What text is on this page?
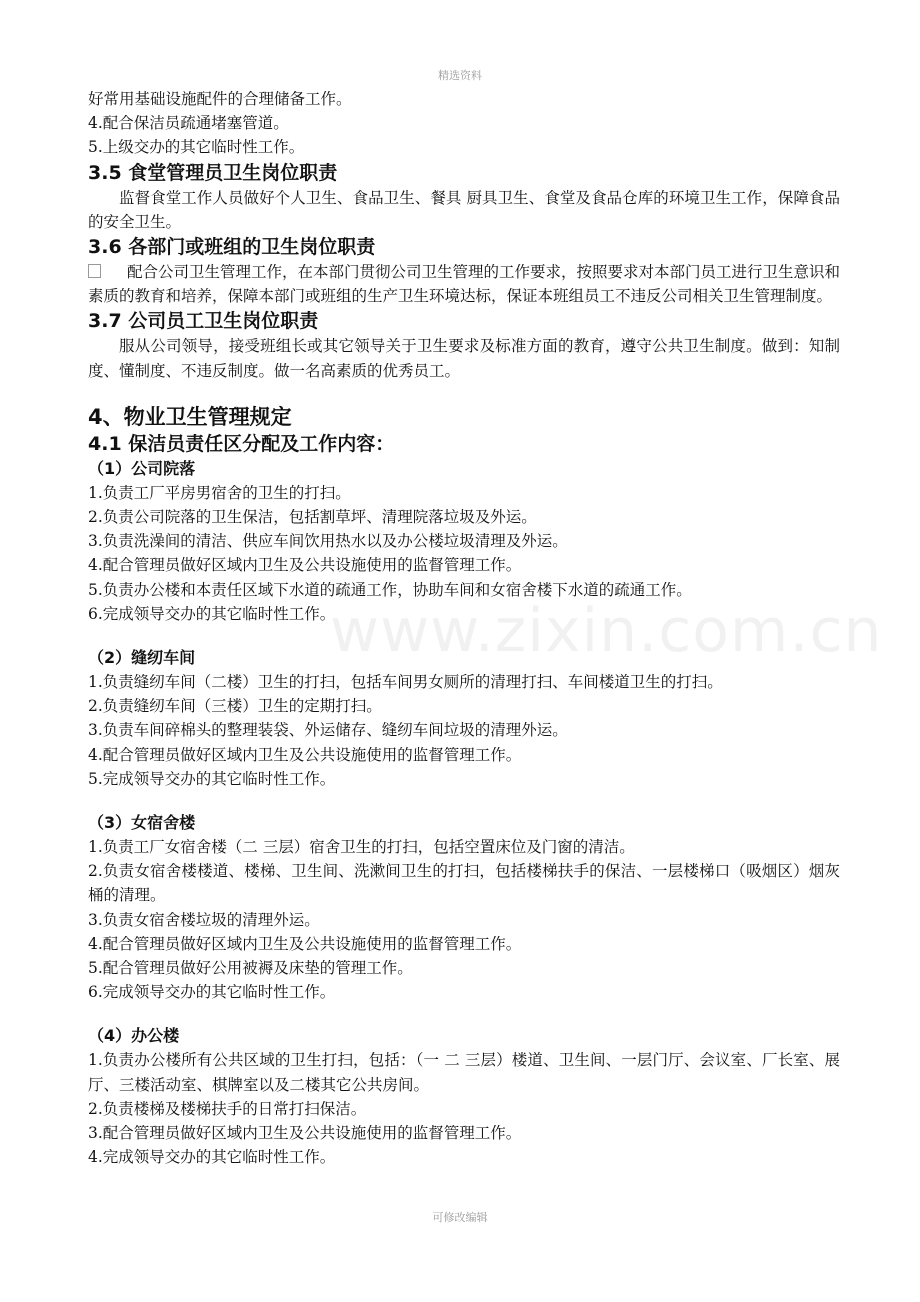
精选资料
www.zixin.com.cn
好常用基础设施配件的合理储备工作。
4.配合保洁员疏通堵塞管道。
5.上级交办的其它临时性工作。
3.5 食堂管理员卫生岗位职责
监督食堂工作人员做好个人卫生、食品卫生、餐具 厨具卫生、食堂及食品仓库的环境卫生工作，保障食品的安全卫生。
3.6 各部门或班组的卫生岗位职责
配合公司卫生管理工作，在本部门贯彻公司卫生管理的工作要求，按照要求对本部门员工进行卫生意识和素质的教育和培养，保障本部门或班组的生产卫生环境达标，保证本班组员工不违反公司相关卫生管理制度。
3.7 公司员工卫生岗位职责
服从公司领导，接受班组长或其它领导关于卫生要求及标准方面的教育，遵守公共卫生制度。做到：知制度、懂制度、不违反制度。做一名高素质的优秀员工。
4、物业卫生管理规定
4.1 保洁员责任区分配及工作内容：
（1）公司院落
1.负责工厂平房男宿舍的卫生的打扫。
2.负责公司院落的卫生保洁，包括割草坪、清理院落垃圾及外运。
3.负责洗澡间的清洁、供应车间饮用热水以及办公楼垃圾清理及外运。
4.配合管理员做好区域内卫生及公共设施使用的监督管理工作。
5.负责办公楼和本责任区域下水道的疏通工作，协助车间和女宿舍楼下水道的疏通工作。
6.完成领导交办的其它临时性工作。
（2）缝纫车间
1.负责缝纫车间（二楼）卫生的打扫，包括车间男女厕所的清理打扫、车间楼道卫生的打扫。
2.负责缝纫车间（三楼）卫生的定期打扫。
3.负责车间碎棉头的整理装袋、外运储存、缝纫车间垃圾的清理外运。
4.配合管理员做好区域内卫生及公共设施使用的监督管理工作。
5.完成领导交办的其它临时性工作。
（3）女宿舍楼
1.负责工厂女宿舍楼（二 三层）宿舍卫生的打扫，包括空置床位及门窗的清洁。
2.负责女宿舍楼楼道、楼梯、卫生间、洗漱间卫生的打扫，包括楼梯扶手的保洁、一层楼梯口（吸烟区）烟灰桶的清理。
3.负责女宿舍楼垃圾的清理外运。
4.配合管理员做好区域内卫生及公共设施使用的监督管理工作。
5.配合管理员做好公用被褥及床垫的管理工作。
6.完成领导交办的其它临时性工作。
（4）办公楼
1.负责办公楼所有公共区域的卫生打扫，包括：（一 二 三层）楼道、卫生间、一层门厅、会议室、厂长室、展厅、三楼活动室、棋牌室以及二楼其它公共房间。
2.负责楼梯及楼梯扶手的日常打扫保洁。
3.配合管理员做好区域内卫生及公共设施使用的监督管理工作。
4.完成领导交办的其它临时性工作。
可修改编辑
